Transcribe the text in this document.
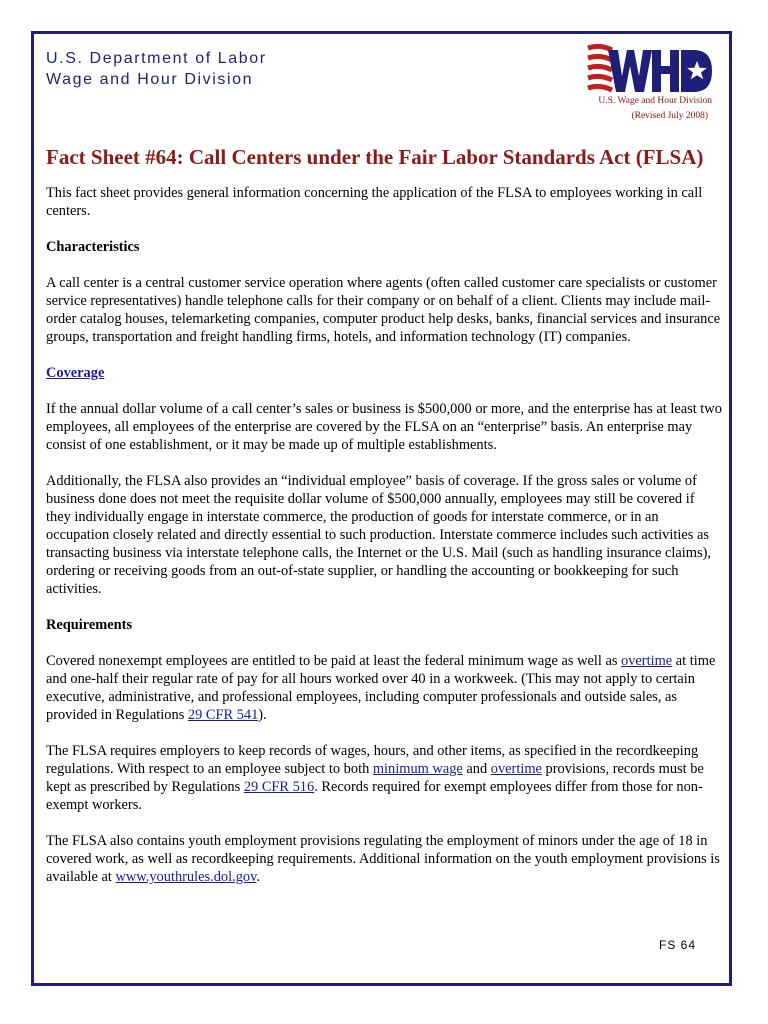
U.S. Department of Labor
Wage and Hour Division
U.S. Wage and Hour Division
(Revised July 2008)
Fact Sheet #64: Call Centers under the Fair Labor Standards Act (FLSA)

This fact sheet provides general information concerning the application of the FLSA to employees working in call centers.

Characteristics

A call center is a central customer service operation where agents (often called customer care specialists or customer service representatives) handle telephone calls for their company or on behalf of a client. Clients may include mail-order catalog houses, telemarketing companies, computer product help desks, banks, financial services and insurance groups, transportation and freight handling firms, hotels, and information technology (IT) companies.

Coverage

If the annual dollar volume of a call center’s sales or business is $500,000 or more, and the enterprise has at least two employees, all employees of the enterprise are covered by the FLSA on an “enterprise” basis. An enterprise may consist of one establishment, or it may be made up of multiple establishments.

Additionally, the FLSA also provides an “individual employee” basis of coverage. If the gross sales or volume of business done does not meet the requisite dollar volume of $500,000 annually, employees may still be covered if they individually engage in interstate commerce, the production of goods for interstate commerce, or in an occupation closely related and directly essential to such production. Interstate commerce includes such activities as transacting business via interstate telephone calls, the Internet or the U.S. Mail (such as handling insurance claims), ordering or receiving goods from an out-of-state supplier, or handling the accounting or bookkeeping for such activities.

Requirements

Covered nonexempt employees are entitled to be paid at least the federal minimum wage as well as overtime at time and one-half their regular rate of pay for all hours worked over 40 in a workweek. (This may not apply to certain executive, administrative, and professional employees, including computer professionals and outside sales, as provided in Regulations 29 CFR 541).

The FLSA requires employers to keep records of wages, hours, and other items, as specified in the recordkeeping regulations. With respect to an employee subject to both minimum wage and overtime provisions, records must be kept as prescribed by Regulations 29 CFR 516. Records required for exempt employees differ from those for non-exempt workers.

The FLSA also contains youth employment provisions regulating the employment of minors under the age of 18 in covered work, as well as recordkeeping requirements. Additional information on the youth employment provisions is available at www.youthrules.dol.gov.

FS 64
